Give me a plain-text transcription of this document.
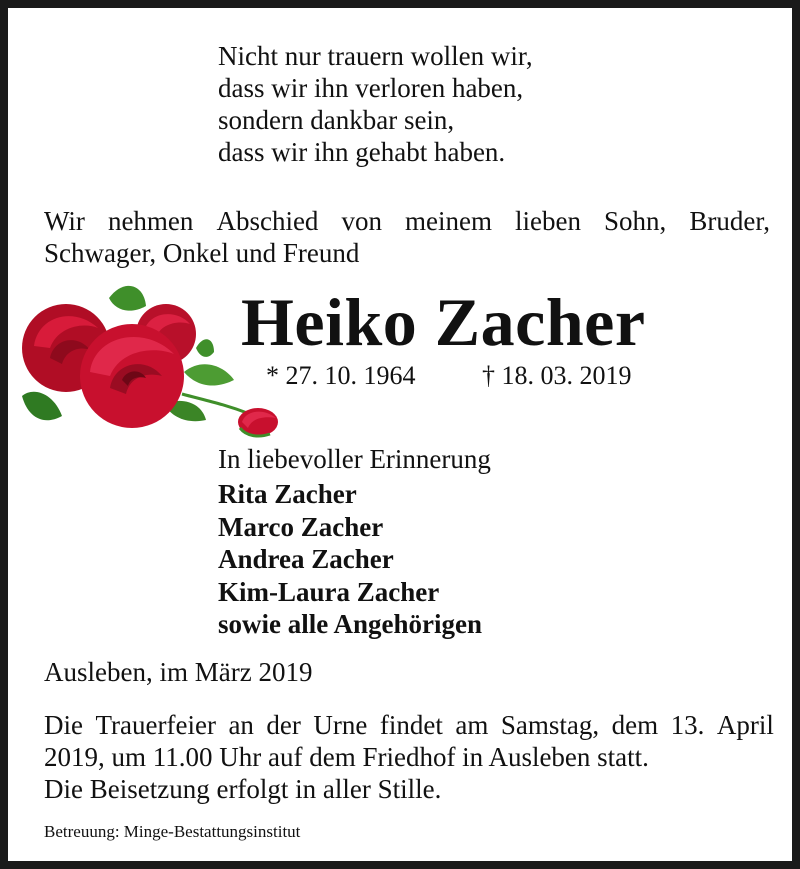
Nicht nur trauern wollen wir,
dass wir ihn verloren haben,
sondern dankbar sein,
dass wir ihn gehabt haben.
Wir nehmen Abschied von meinem lieben Sohn, Bruder,
Schwager, Onkel und Freund
Heiko Zacher
* 27. 10. 1964	† 18. 03. 2019
In liebevoller Erinnerung
Rita Zacher
Marco Zacher
Andrea Zacher
Kim-Laura Zacher
sowie alle Angehörigen
Ausleben, im März 2019
Die Trauerfeier an der Urne findet am Samstag, dem 13. April
2019, um 11.00 Uhr auf dem Friedhof in Ausleben statt.
Die Beisetzung erfolgt in aller Stille.
Betreuung: Minge-Bestattungsinstitut
